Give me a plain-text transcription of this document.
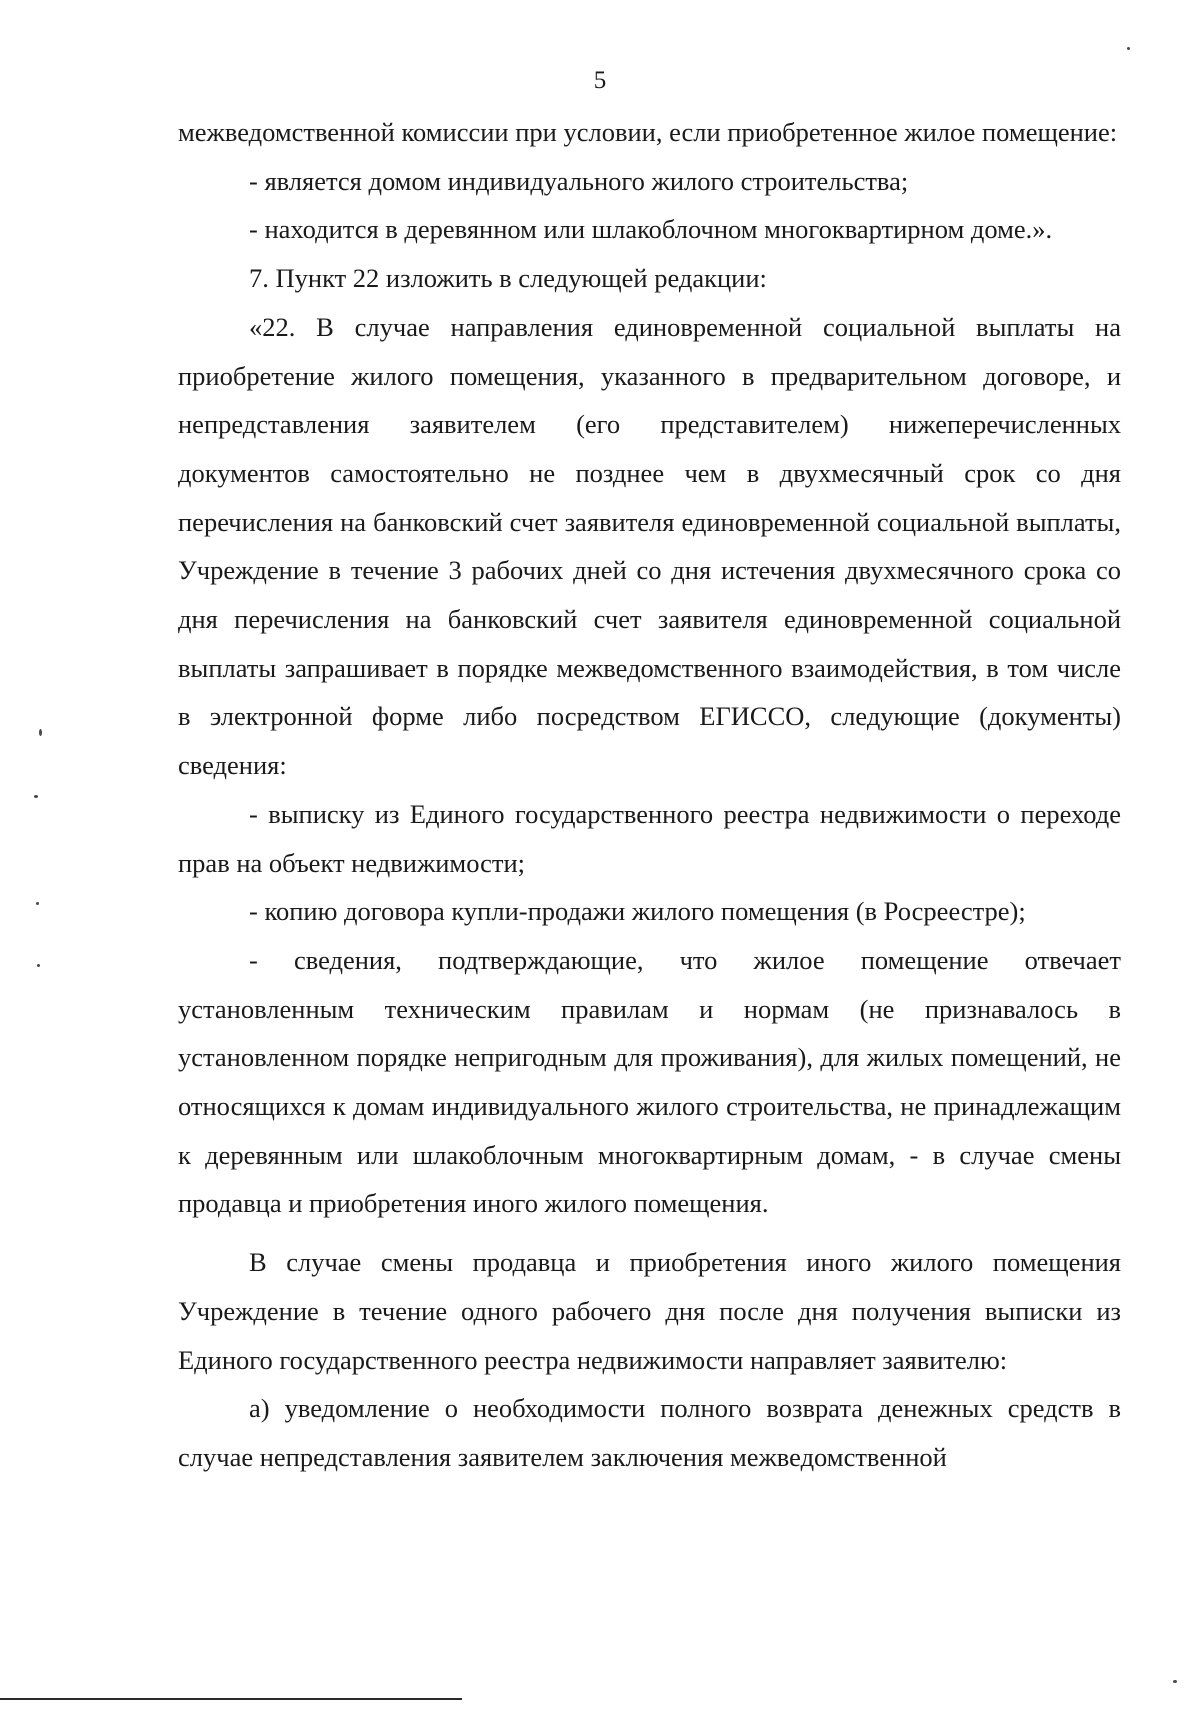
5

межведомственной комиссии при условии, если приобретенное жилое помещение:

- является домом индивидуального жилого строительства;

- находится в деревянном или шлакоблочном многоквартирном доме.».

7. Пункт 22 изложить в следующей редакции:

«22. В случае направления единовременной социальной выплаты на приобретение жилого помещения, указанного в предварительном договоре, и непредставления заявителем (его представителем) нижеперечисленных документов самостоятельно не позднее чем в двухмесячный срок со дня перечисления на банковский счет заявителя единовременной социальной выплаты, Учреждение в течение 3 рабочих дней со дня истечения двухмесячного срока со дня перечисления на банковский счет заявителя единовременной социальной выплаты запрашивает в порядке межведомственного взаимодействия, в том числе в электронной форме либо посредством ЕГИССО, следующие (документы) сведения:

- выписку из Единого государственного реестра недвижимости о переходе прав на объект недвижимости;

- копию договора купли-продажи жилого помещения (в Росреестре);

- сведения, подтверждающие, что жилое помещение отвечает установленным техническим правилам и нормам (не признавалось в установленном порядке непригодным для проживания), для жилых помещений, не относящихся к домам индивидуального жилого строительства, не принадлежащим к деревянным или шлакоблочным многоквартирным домам, - в случае смены продавца и приобретения иного жилого помещения.

В случае смены продавца и приобретения иного жилого помещения Учреждение в течение одного рабочего дня после дня получения выписки из Единого государственного реестра недвижимости направляет заявителю:

а) уведомление о необходимости полного возврата денежных средств в случае непредставления заявителем заключения межведомственной
